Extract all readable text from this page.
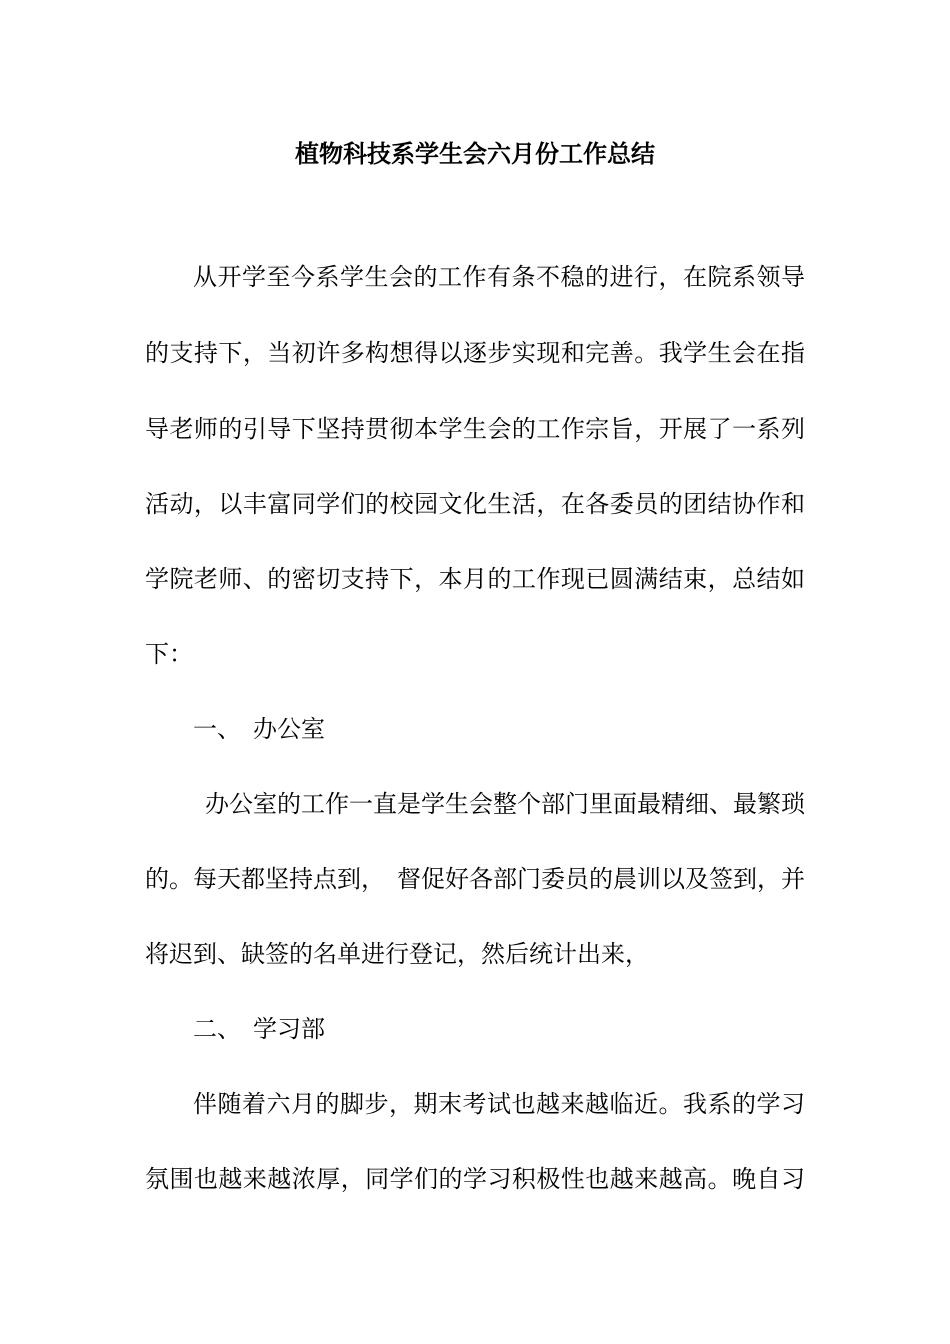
植物科技系学生会六月份工作总结
从开学至今系学生会的工作有条不稳的进行，在院系领导
的支持下，当初许多构想得以逐步实现和完善。我学生会在指
导老师的引导下坚持贯彻本学生会的工作宗旨，开展了一系列
活动，以丰富同学们的校园文化生活，在各委员的团结协作和
学院老师、的密切支持下，本月的工作现已圆满结束，总结如
下：
一、　办公室
办公室的工作一直是学生会整个部门里面最精细、最繁琐
的。每天都坚持点到，　督促好各部门委员的晨训以及签到，并
将迟到、缺签的名单进行登记，然后统计出来，
二、　学习部
伴随着六月的脚步，期末考试也越来越临近。我系的学习
氛围也越来越浓厚，同学们的学习积极性也越来越高。晚自习
